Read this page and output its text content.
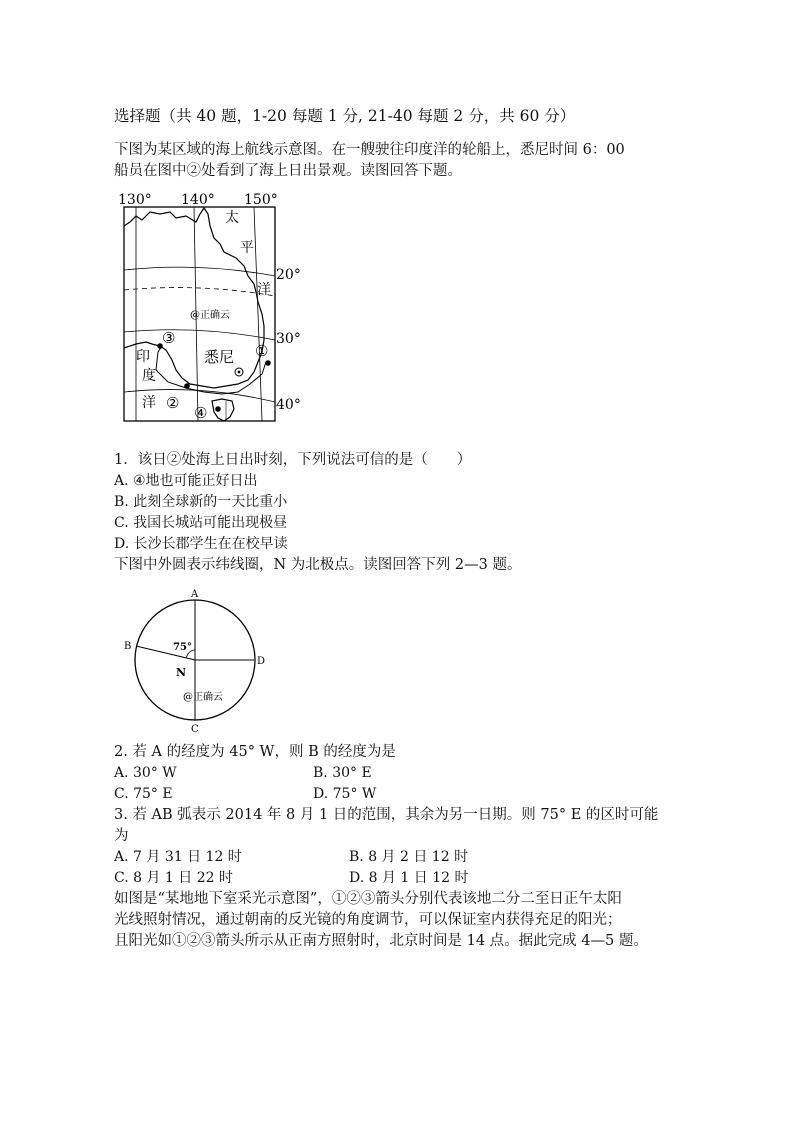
选择题（共 40 题，1-20 每题 1 分, 21-40 每题 2 分，共 60 分）
下图为某区域的海上航线示意图。在一艘驶往印度洋的轮船上，悉尼时间 6：00
船员在图中②处看到了海上日出景观。读图回答下题。
130° 140° 150°
20°
30°
40°
太
平
洋
印
度
洋
悉尼 ①
②
③
④
@正确云
A
B
C
D
N
75°
@正确云
1．该日②处海上日出时刻，下列说法可信的是（　　）
A. ④地也可能正好日出
B. 此刻全球新的一天比重小
C. 我国长城站可能出现极昼
D. 长沙长郡学生在在校早读
下图中外圆表示纬线圈，N 为北极点。读图回答下列 2—3 题。
2. 若 A 的经度为 45° W，则 B 的经度为是
A. 30° W	B. 30° E
C. 75° E	D. 75° W
3. 若 AB 弧表示 2014 年 8 月 1 日的范围，其余为另一日期。则 75° E 的区时可能
为
A. 7 月 31 日 12 时	B. 8 月 2 日 12 时
C. 8 月 1 日 22 时	D. 8 月 1 日 12 时
如图是“某地地下室采光示意图”，①②③箭头分别代表该地二分二至日正午太阳
光线照射情况，通过朝南的反光镜的角度调节，可以保证室内获得充足的阳光；
且阳光如①②③箭头所示从正南方照射时，北京时间是 14 点。据此完成 4—5 题。
